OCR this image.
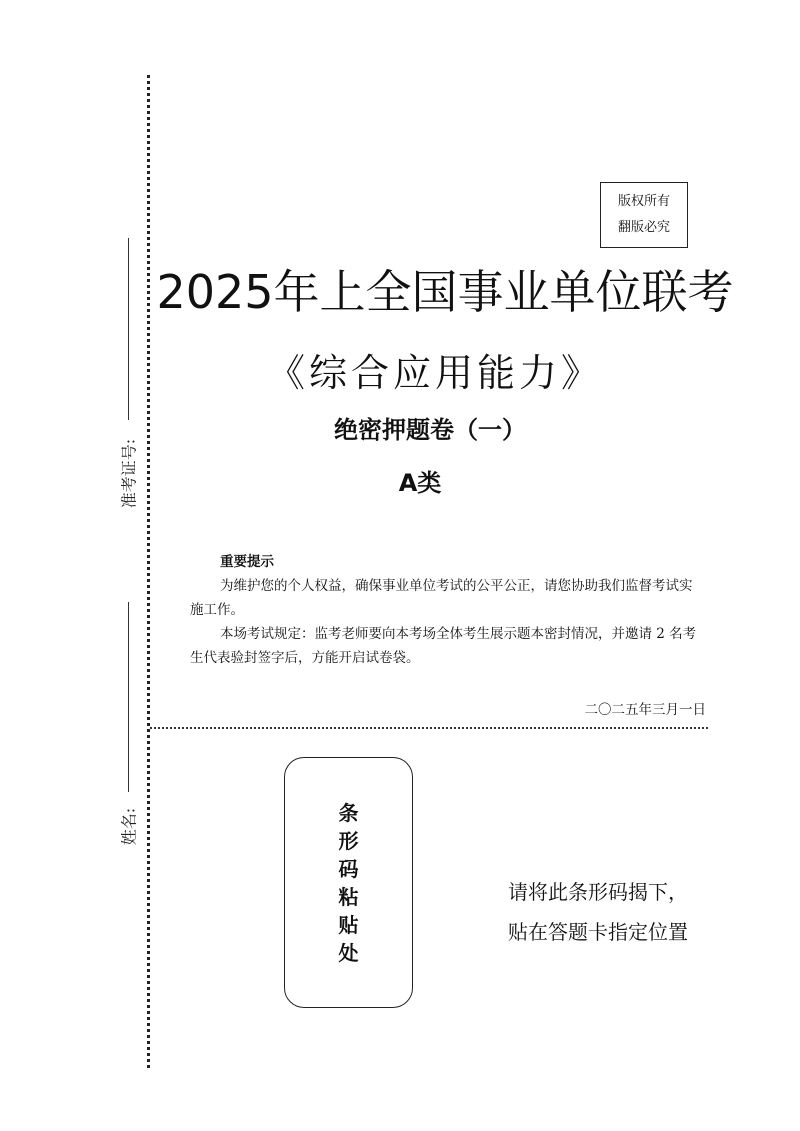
准考证号:
姓名:
版权所有
翻版必究
2025年上全国事业单位联考
《综合应用能力》
绝密押题卷（一）
A类
重要提示

为维护您的个人权益，确保事业单位考试的公平公正，请您协助我们监督考试实施工作。

本场考试规定：监考老师要向本考场全体考生展示题本密封情况，并邀请 2 名考生代表验封签字后，方能开启试卷袋。

二〇二五年三月一日
条
形
码
粘
贴
处
请将此条形码揭下，
贴在答题卡指定位置
